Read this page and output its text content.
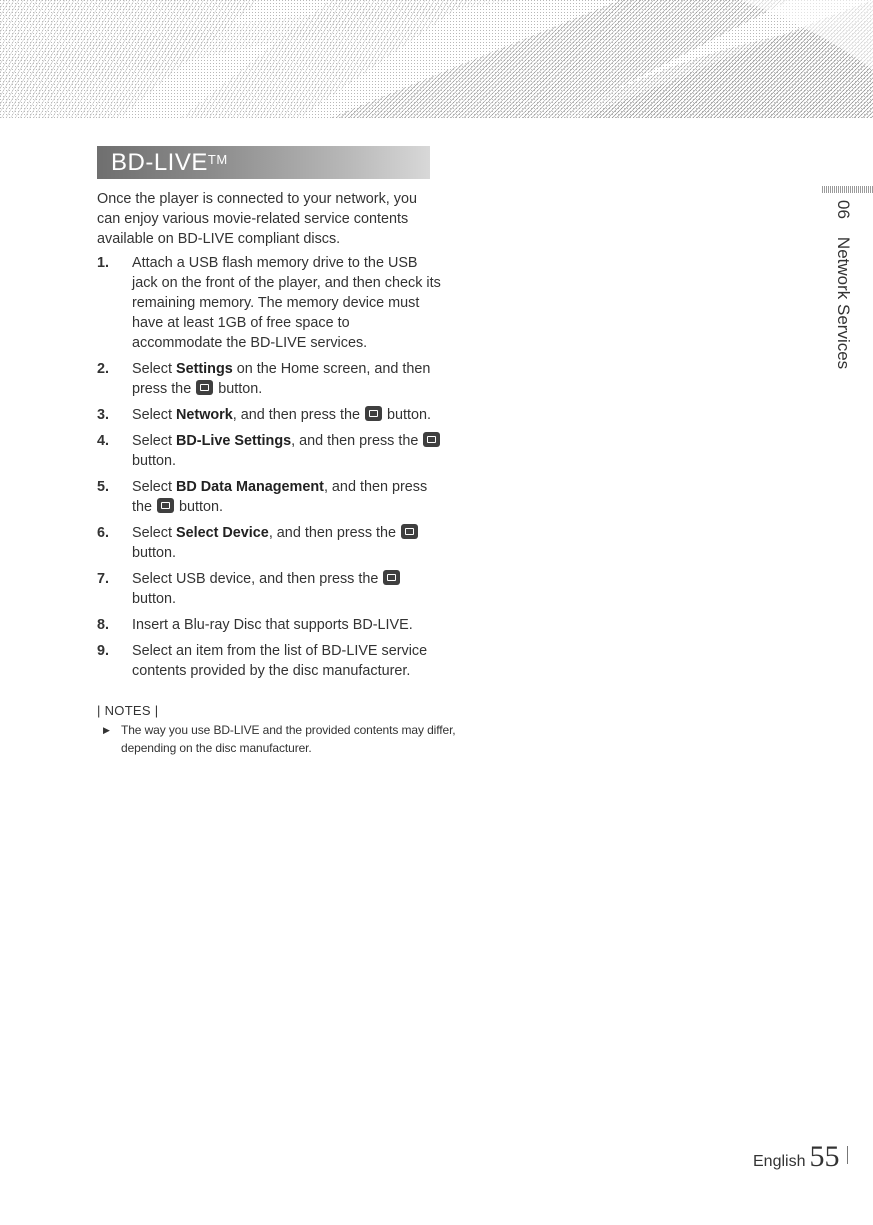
BD-LIVE™

Once the player is connected to your network, you can enjoy various movie-related service contents available on BD-LIVE compliant discs.

1. Attach a USB flash memory drive to the USB jack on the front of the player, and then check its remaining memory. The memory device must have at least 1GB of free space to accommodate the BD-LIVE services.
2. Select Settings on the Home screen, and then press the  button.
3. Select Network, and then press the  button.
4. Select BD-Live Settings, and then press the  button.
5. Select BD Data Management, and then press the  button.
6. Select Select Device, and then press the  button.
7. Select USB device, and then press the  button.
8. Insert a Blu-ray Disc that supports BD-LIVE.
9. Select an item from the list of BD-LIVE service contents provided by the disc manufacturer.
| NOTES |
▶ The way you use BD-LIVE and the provided contents may differ, depending on the disc manufacturer.
06Network Services
English 55
